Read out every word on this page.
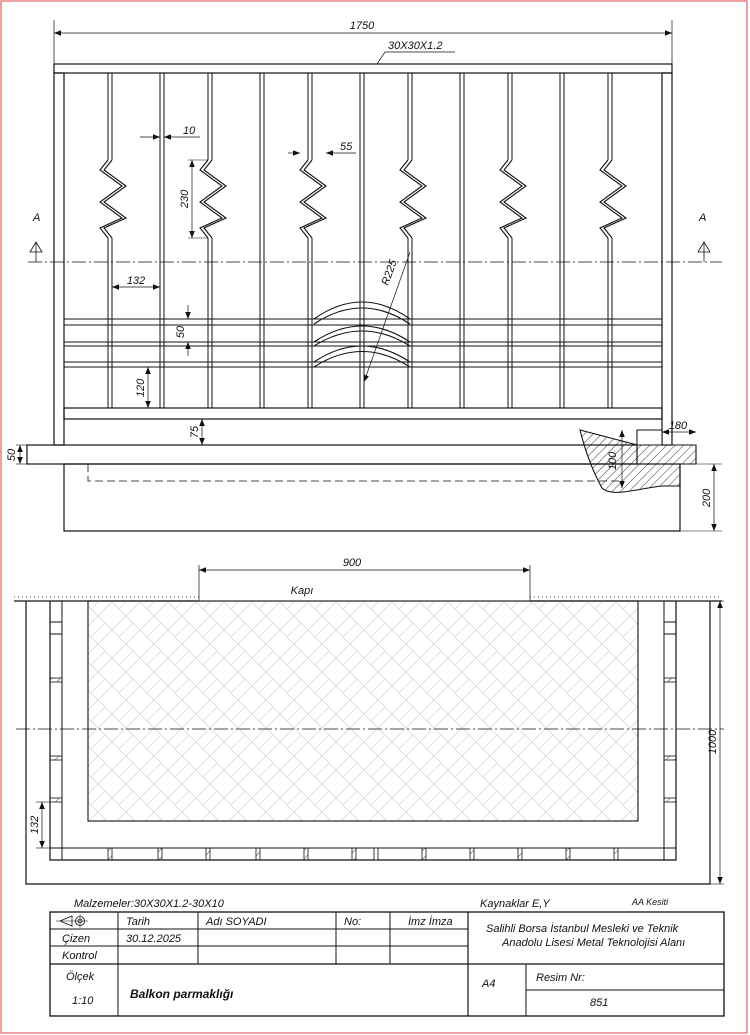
1750
30X30X1.2
10
230
55
R225
132
50
120
75
50	100
180
200
A	A
900
Kapı
1000
132
Malzemeler:30X30X1.2-30X10	Kaynaklar E,Y	AA Kesiti
Tarih	Adı SOYADI	No:	İmz İmza
Çizen	30.12.2025
Kontrol
Salihli Borsa İstanbul Mesleki ve Teknik
Anadolu Lisesi Metal Teknolojisi Alanı
Ölçek
1:10	Balkon parmaklığı
A4	Resim Nr:
851
